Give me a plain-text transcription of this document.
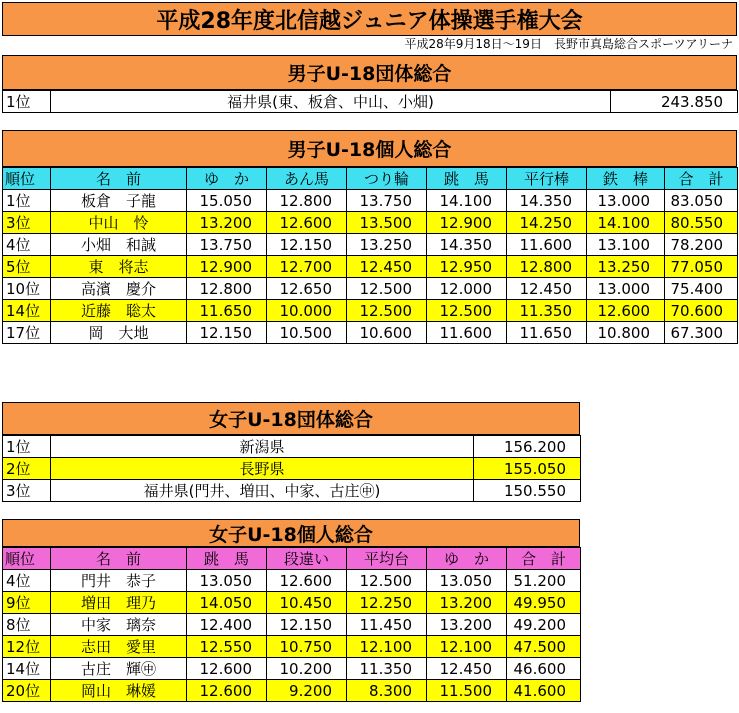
平成28年度北信越ジュニア体操選手権大会
平成28年9月18日～19日　長野市真島総合スポーツアリーナ
男子U-18団体総合
1位	福井県(東、板倉、中山、小畑)	243.850
男子U-18個人総合
順位	名　前	ゆ　か	あん馬	つり輪	跳　馬	平行棒	鉄　棒	合　計
1位	板倉　子龍	15.050	12.800	13.750	14.100	14.350	13.000	83.050
3位	中山　怜	13.200	12.600	13.500	12.900	14.250	14.100	80.550
4位	小畑　和誠	13.750	12.150	13.250	14.350	11.600	13.100	78.200
5位	東　将志	12.900	12.700	12.450	12.950	12.800	13.250	77.050
10位	高濱　慶介	12.800	12.650	12.500	12.000	12.450	13.000	75.400
14位	近藤　聡太	11.650	10.000	12.500	12.500	11.350	12.600	70.600
17位	岡　大地	12.150	10.500	10.600	11.600	11.650	10.800	67.300
女子U-18団体総合
1位	新潟県	156.200
2位	長野県	155.050
3位	福井県(門井、増田、中家、古庄㊥)	150.550
女子U-18個人総合
順位	名　前	跳　馬	段違い	平均台	ゆ　か	合　計
4位	門井　恭子	13.050	12.600	12.500	13.050	51.200
9位	増田　理乃	14.050	10.450	12.250	13.200	49.950
8位	中家　璃奈	12.400	12.150	11.450	13.200	49.200
12位	志田　愛里	12.550	10.750	12.100	12.100	47.500
14位	古庄　輝㊥	12.600	10.200	11.350	12.450	46.600
20位	岡山　琳媛	12.600	9.200	8.300	11.500	41.600
